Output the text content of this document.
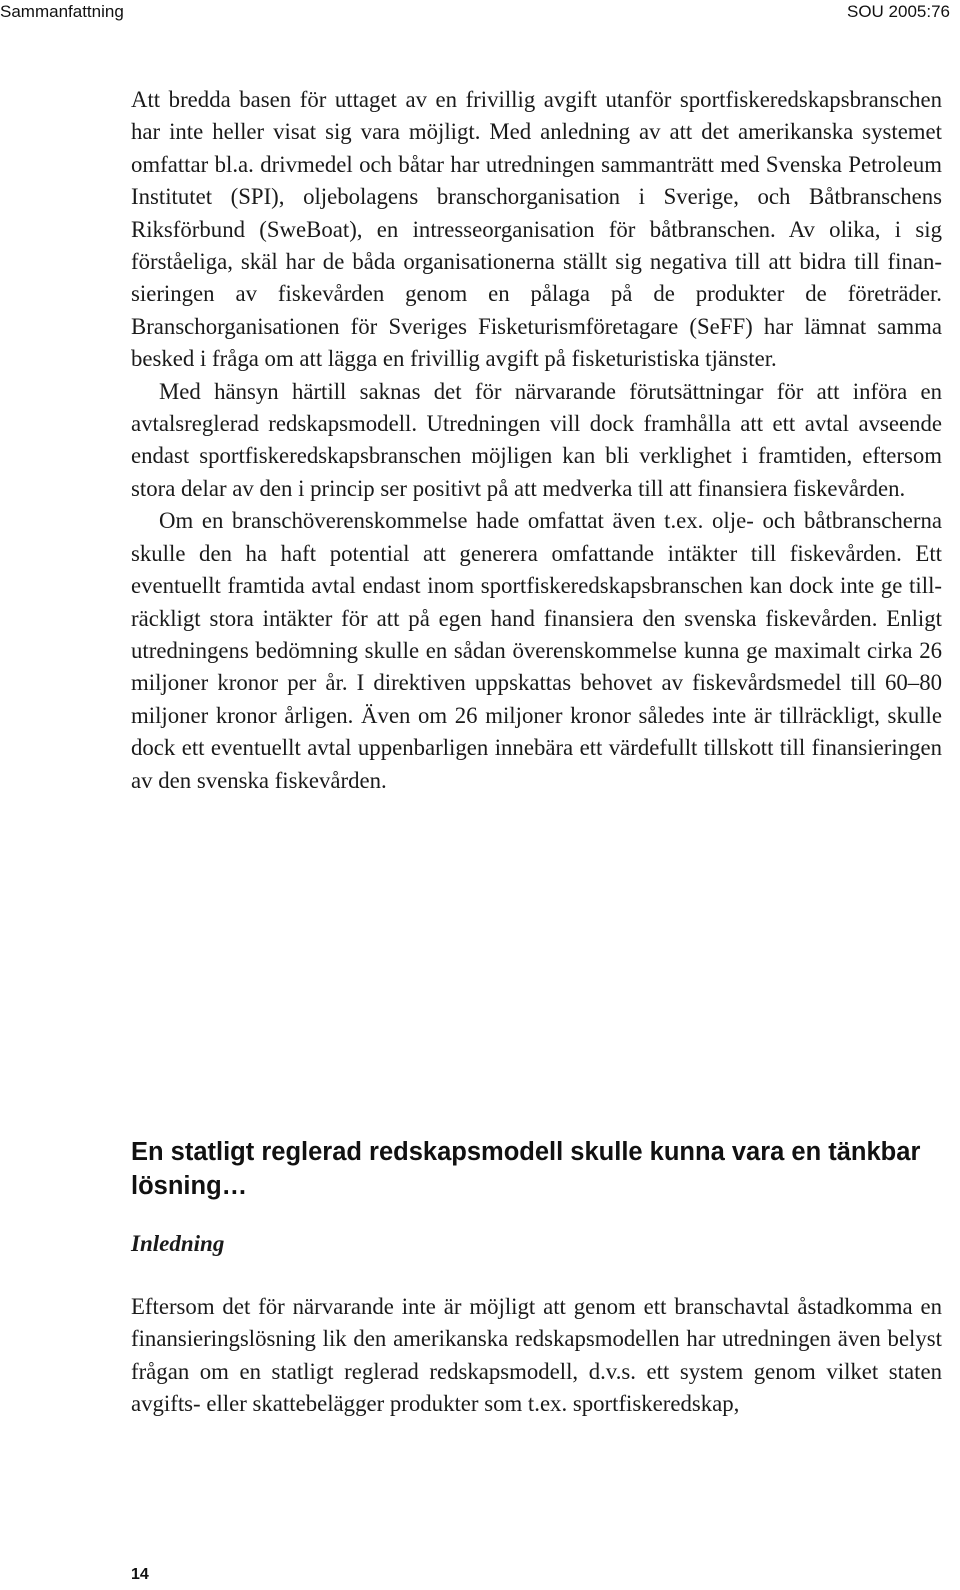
Sammanfattning	SOU 2005:76

Att bredda basen för uttaget av en frivillig avgift utanför sportfiskeredskapsbranschen har inte heller visat sig vara möjligt. Med anledning av att det amerikanska systemet omfattar bl.a. drivmedel och båtar har utredningen sammanträtt med Svenska Petroleum Institutet (SPI), oljebolagens branschorganisation i Sverige, och Båtbranschens Riksförbund (SweBoat), en intresseorganisation för båtbranschen. Av olika, i sig förståeliga, skäl har de båda organisationerna ställt sig negativa till att bidra till finansieringen av fiskevården genom en pålaga på de produkter de företräder. Branschorganisationen för Sveriges Fisketurismföretagare (SeFF) har lämnat samma besked i fråga om att lägga en frivillig avgift på fisketuristiska tjänster.

Med hänsyn härtill saknas det för närvarande förutsättningar för att införa en avtalsreglerad redskapsmodell. Utredningen vill dock framhålla att ett avtal avseende endast sportfiskeredskapsbranschen möjligen kan bli verklighet i framtiden, eftersom stora delar av den i princip ser positivt på att medverka till att finansiera fiskevården.

Om en branschöverenskommelse hade omfattat även t.ex. olje- och båtbranscherna skulle den ha haft potential att generera omfattande intäkter till fiskevården. Ett eventuellt framtida avtal endast inom sportfiskeredskapsbranschen kan dock inte ge tillräckligt stora intäkter för att på egen hand finansiera den svenska fiskevården. Enligt utredningens bedömning skulle en sådan överenskommelse kunna ge maximalt cirka 26 miljoner kronor per år. I direktiven uppskattas behovet av fiskevårdsmedel till 60–80 miljoner kronor årligen. Även om 26 miljoner kronor således inte är tillräckligt, skulle dock ett eventuellt avtal uppenbarligen innebära ett värdefullt tillskott till finansieringen av den svenska fiskevården.

En statligt reglerad redskapsmodell skulle kunna vara en tänkbar lösning…
Inledning

Eftersom det för närvarande inte är möjligt att genom ett branschavtal åstadkomma en finansieringslösning lik den amerikanska redskapsmodellen har utredningen även belyst frågan om en statligt reglerad redskapsmodell, d.v.s. ett system genom vilket staten avgifts- eller skattebelägger produkter som t.ex. sportfiskeredskap,

14
